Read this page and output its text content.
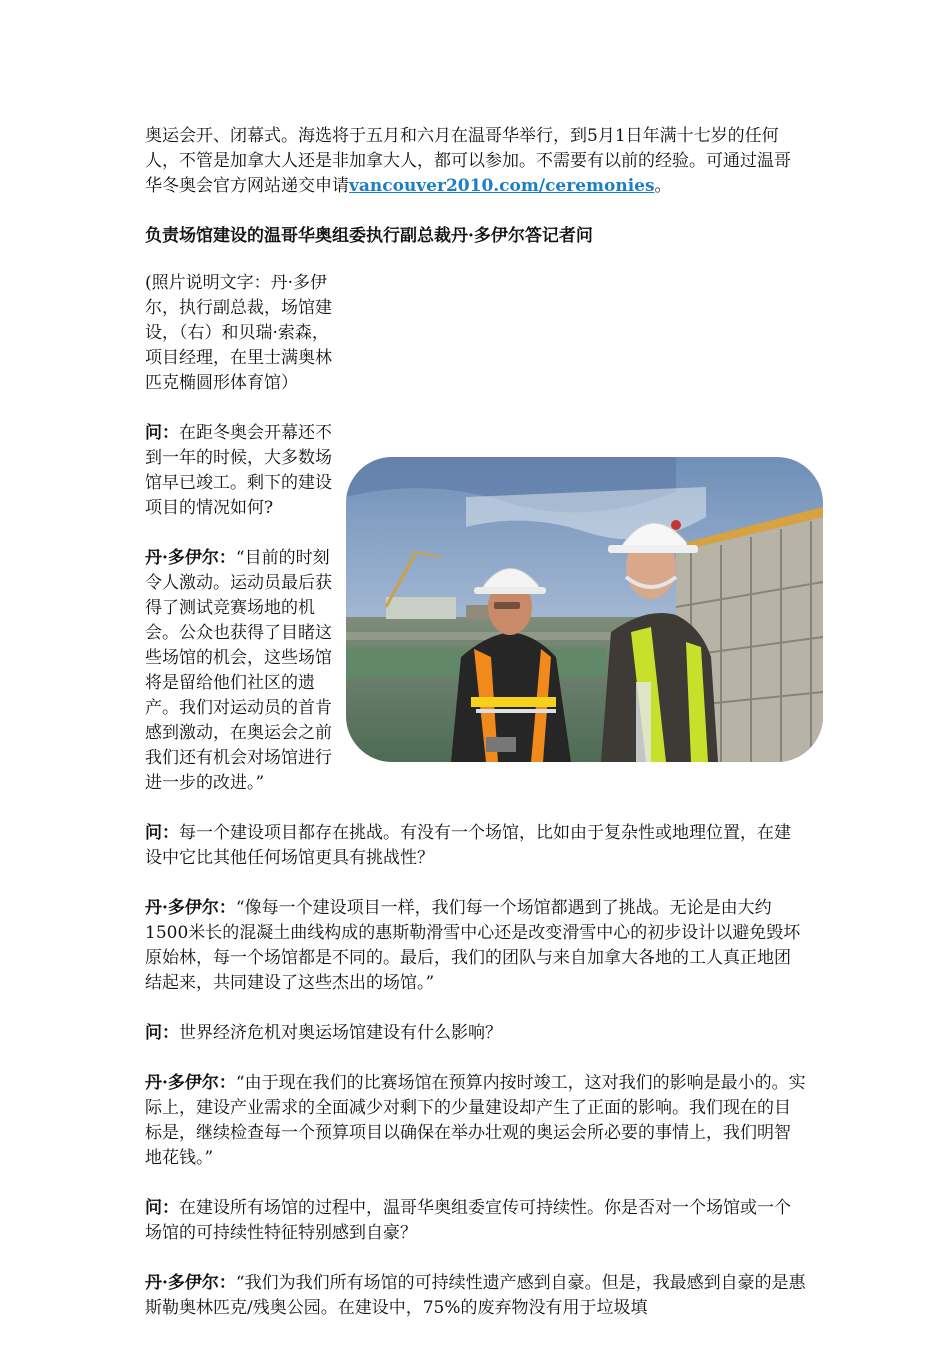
奥运会开、闭幕式。海选将于五月和六月在温哥华举行，到5月1日年满十七岁的任何人，不管是加拿大人还是非加拿大人，都可以参加。不需要有以前的经验。可通过温哥华冬奥会官方网站递交申请vancouver2010.com/ceremonies。

负责场馆建设的温哥华奥组委执行副总裁丹·多伊尔答记者问

(照片说明文字：丹·多伊尔，执行副总裁，场馆建设，（右）和贝瑞·索森，项目经理，在里士满奥林匹克椭圆形体育馆）

问：在距冬奥会开幕还不到一年的时候，大多数场馆早已竣工。剩下的建设项目的情况如何?

丹·多伊尔：“目前的时刻令人激动。运动员最后获得了测试竞赛场地的机会。公众也获得了目睹这些场馆的机会，这些场馆将是留给他们社区的遗产。我们对运动员的首肯感到激动，在奥运会之前我们还有机会对场馆进行进一步的改进。”

问：每一个建设项目都存在挑战。有没有一个场馆，比如由于复杂性或地理位置，在建设中它比其他任何场馆更具有挑战性？

丹·多伊尔：“像每一个建设项目一样，我们每一个场馆都遇到了挑战。无论是由大约1500米长的混凝土曲线构成的惠斯勒滑雪中心还是改变滑雪中心的初步设计以避免毁坏原始林，每一个场馆都是不同的。最后，我们的团队与来自加拿大各地的工人真正地团结起来，共同建设了这些杰出的场馆。”

问：世界经济危机对奥运场馆建设有什么影响？

丹·多伊尔：“由于现在我们的比赛场馆在预算内按时竣工，这对我们的影响是最小的。实际上，建设产业需求的全面减少对剩下的少量建设却产生了正面的影响。我们现在的目标是，继续检查每一个预算项目以确保在举办壮观的奥运会所必要的事情上，我们明智地花钱。”

问：在建设所有场馆的过程中，温哥华奥组委宣传可持续性。你是否对一个场馆或一个场馆的可持续性特征特别感到自豪？

丹·多伊尔：“我们为我们所有场馆的可持续性遗产感到自豪。但是，我最感到自豪的是惠斯勒奥林匹克/残奥公园。在建设中，75%的废弃物没有用于垃圾填
